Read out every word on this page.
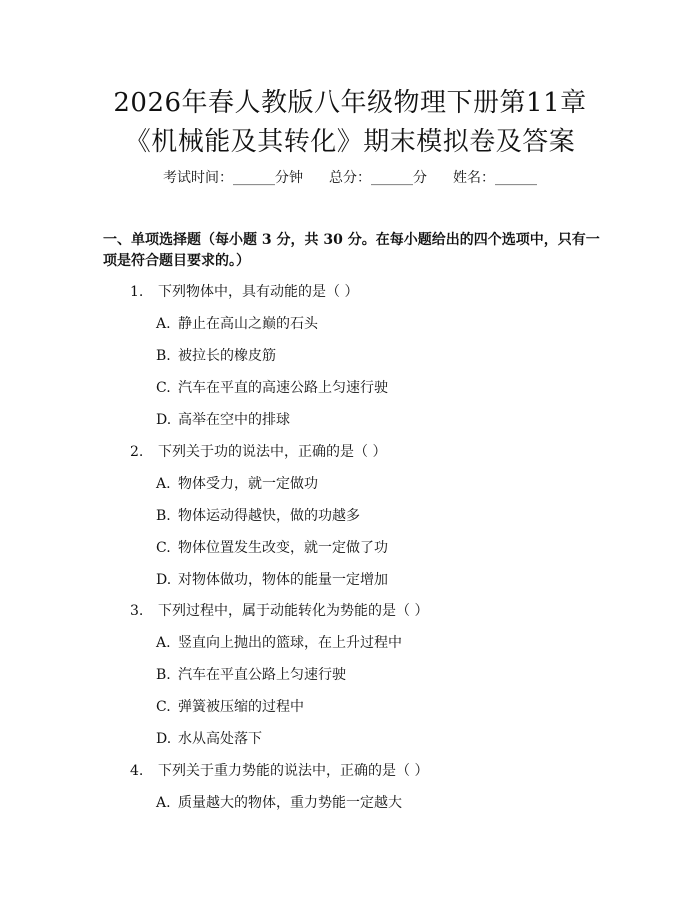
2026年春人教版八年级物理下册第11章
《机械能及其转化》期末模拟卷及答案
考试时间：______分钟 总分：______分 姓名：______
一、单项选择题（每小题 3 分，共 30 分。在每小题给出的四个选项中，只有一项是符合题目要求的。）
1. 下列物体中，具有动能的是（ ）
A. 静止在高山之巅的石头
B. 被拉长的橡皮筋
C. 汽车在平直的高速公路上匀速行驶
D. 高举在空中的排球
2. 下列关于功的说法中，正确的是（ ）
A. 物体受力，就一定做功
B. 物体运动得越快，做的功越多
C. 物体位置发生改变，就一定做了功
D. 对物体做功，物体的能量一定增加
3. 下列过程中，属于动能转化为势能的是（ ）
A. 竖直向上抛出的篮球，在上升过程中
B. 汽车在平直公路上匀速行驶
C. 弹簧被压缩的过程中
D. 水从高处落下
4. 下列关于重力势能的说法中，正确的是（ ）
A. 质量越大的物体，重力势能一定越大
